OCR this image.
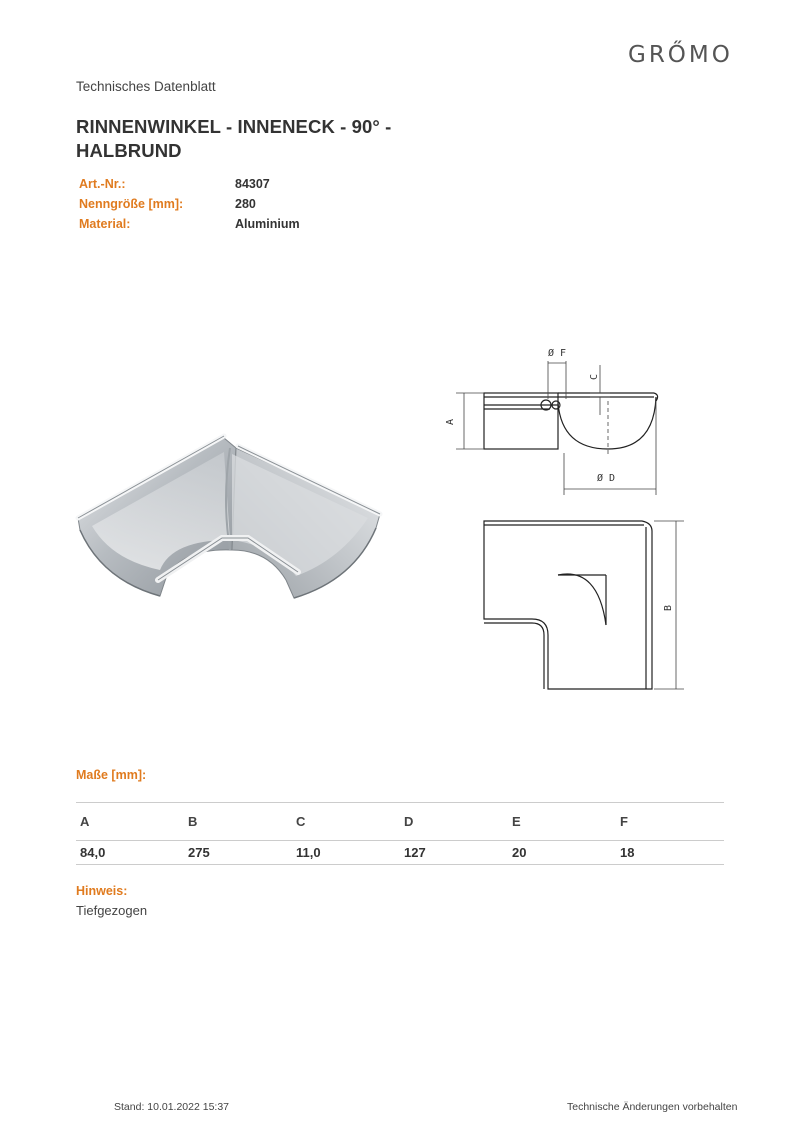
GRŐMO
Technisches Datenblatt
RINNENWINKEL - INNENECK - 90° - HALBRUND
Art.-Nr.:	84307
Nenngröße [mm]:	280
Material:	Aluminium
A
Ø F
C
Ø D
B
Maße [mm]:
A	B	C	D	E	F
84,0	275	11,0	127	20	18
Hinweis:
Tiefgezogen
Stand: 10.01.2022 15:37	Technische Änderungen vorbehalten
